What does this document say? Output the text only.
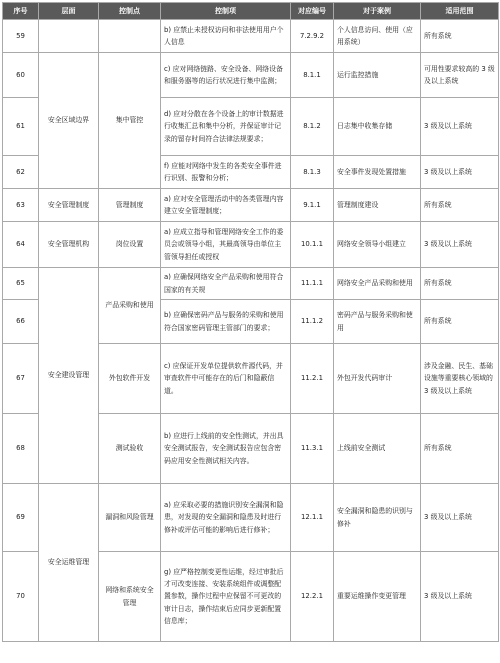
序号	层面	控制点	控制项	对应编号	对于案例	适用范围
59			b) 应禁止未授权访问和非法使用用户个人信息	7.2.9.2	个人信息访问、使用（应用系统）	所有系统
60	安全区域边界	集中管控	c) 应对网络链路、安全设备、网络设备和服务器等的运行状况进行集中监测；	8.1.1	运行监控措施	可用性要求较高的 3 级及以上系统
61			d) 应对分散在各个设备上的审计数据进行收集汇总和集中分析，并保证审计记录的留存时间符合法律法规要求；	8.1.2	日志集中收集存储	3 级及以上系统
62			f) 应能对网络中发生的各类安全事件进行识别、报警和分析；	8.1.3	安全事件发现处置措施	3 级及以上系统
63	安全管理制度	管理制度	a) 应对安全管理活动中的各类管理内容建立安全管理制度；	9.1.1	管理制度建设	所有系统
64	安全管理机构	岗位设置	a) 应成立指导和管理网络安全工作的委员会或领导小组，其最高领导由单位主管领导担任或授权	10.1.1	网络安全领导小组建立	3 级及以上系统
65	安全建设管理	产品采购和使用	a) 应确保网络安全产品采购和使用符合国家的有关规	11.1.1	网络安全产品采购和使用	所有系统
66			b) 应确保密码产品与服务的采购和使用符合国家密码管理主管部门的要求；	11.1.2	密码产品与服务采购和使用	所有系统
67		外包软件开发	c) 应保证开发单位提供软件源代码，并审查软件中可能存在的后门和隐蔽信道。	11.2.1	外包开发代码审计	涉及金融、民生、基础设施等重要核心领域的 3 级及以上系统
68		测试验收	b) 应进行上线前的安全性测试，并出具安全测试报告，安全测试报告应包含密码应用安全性测试相关内容。	11.3.1	上线前安全测试	所有系统
69	安全运维管理	漏洞和风险管理	a) 应采取必要的措施识别安全漏洞和隐患，对发现的安全漏洞和隐患及时进行修补或评估可能的影响后进行修补；	12.1.1	安全漏洞和隐患的识别与修补	3 级及以上系统
70		网络和系统安全管理	g) 应严格控制变更性运维，经过审批后才可改变连接、安装系统组件或调整配置参数，操作过程中应保留不可更改的审计日志，操作结束后应同步更新配置信息库；	12.2.1	重要运维操作变更管理	3 级及以上系统
